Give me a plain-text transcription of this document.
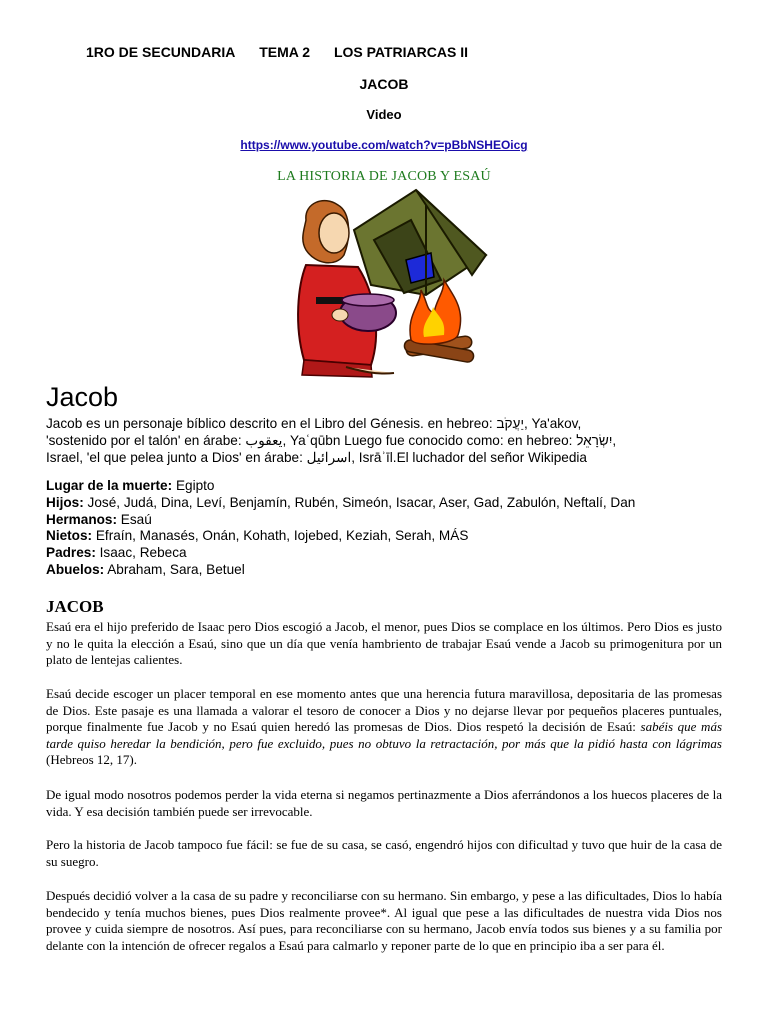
1RO DE SECUNDARIA TEMA 2 LOS PATRIARCAS II
JACOB
Video
https://www.youtube.com/watch?v=pBbNSHEOicg
LA HISTORIA DE JACOB Y ESAÚ
Jacob
Jacob es un personaje bíblico descrito en el Libro del Génesis. en hebreo: יַעֲקֹב, Ya'akov,
'sostenido por el talón' en árabe: يعقوب, Yaʿqūbn Luego fue conocido como: en hebreo: יִשְׂרָאֵל,
Israel, 'el que pelea junto a Dios' en árabe: اسرائيل, Isrāʾīl.El luchador del señor Wikipedia
Lugar de la muerte: Egipto
Hijos: José, Judá, Dina, Leví, Benjamín, Rubén, Simeón, Isacar, Aser, Gad, Zabulón, Neftalí, Dan
Hermanos: Esaú
Nietos: Efraín, Manasés, Onán, Kohath, Iojebed, Keziah, Serah, MÁS
Padres: Isaac, Rebeca
Abuelos: Abraham, Sara, Betuel
JACOB
Esaú era el hijo preferido de Isaac pero Dios escogió a Jacob, el menor, pues Dios se complace en los últimos. Pero Dios es justo y no le quita la elección a Esaú, sino que un día que venía hambriento de trabajar Esaú vende a Jacob su primogenitura por un plato de lentejas calientes.
Esaú decide escoger un placer temporal en ese momento antes que una herencia futura maravillosa, depositaria de las promesas de Dios. Este pasaje es una llamada a valorar el tesoro de conocer a Dios y no dejarse llevar por pequeños placeres puntuales, porque finalmente fue Jacob y no Esaú quien heredó las promesas de Dios. Dios respetó la decisión de Esaú: sabéis que más tarde quiso heredar la bendición, pero fue excluido, pues no obtuvo la retractación, por más que la pidió hasta con lágrimas (Hebreos 12, 17).
De igual modo nosotros podemos perder la vida eterna si negamos pertinazmente a Dios aferrándonos a los huecos placeres de la vida. Y esa decisión también puede ser irrevocable.
Pero la historia de Jacob tampoco fue fácil: se fue de su casa, se casó, engendró hijos con dificultad y tuvo que huir de la casa de su suegro.
Después decidió volver a la casa de su padre y reconciliarse con su hermano. Sin embargo, y pese a las dificultades, Dios lo había bendecido y tenía muchos bienes, pues Dios realmente provee*. Al igual que pese a las dificultades de nuestra vida Dios nos provee y cuida siempre de nosotros. Así pues, para reconciliarse con su hermano, Jacob envía todos sus bienes y a su familia por delante con la intención de ofrecer regalos a Esaú para calmarlo y reponer parte de lo que en principio iba a ser para él.
